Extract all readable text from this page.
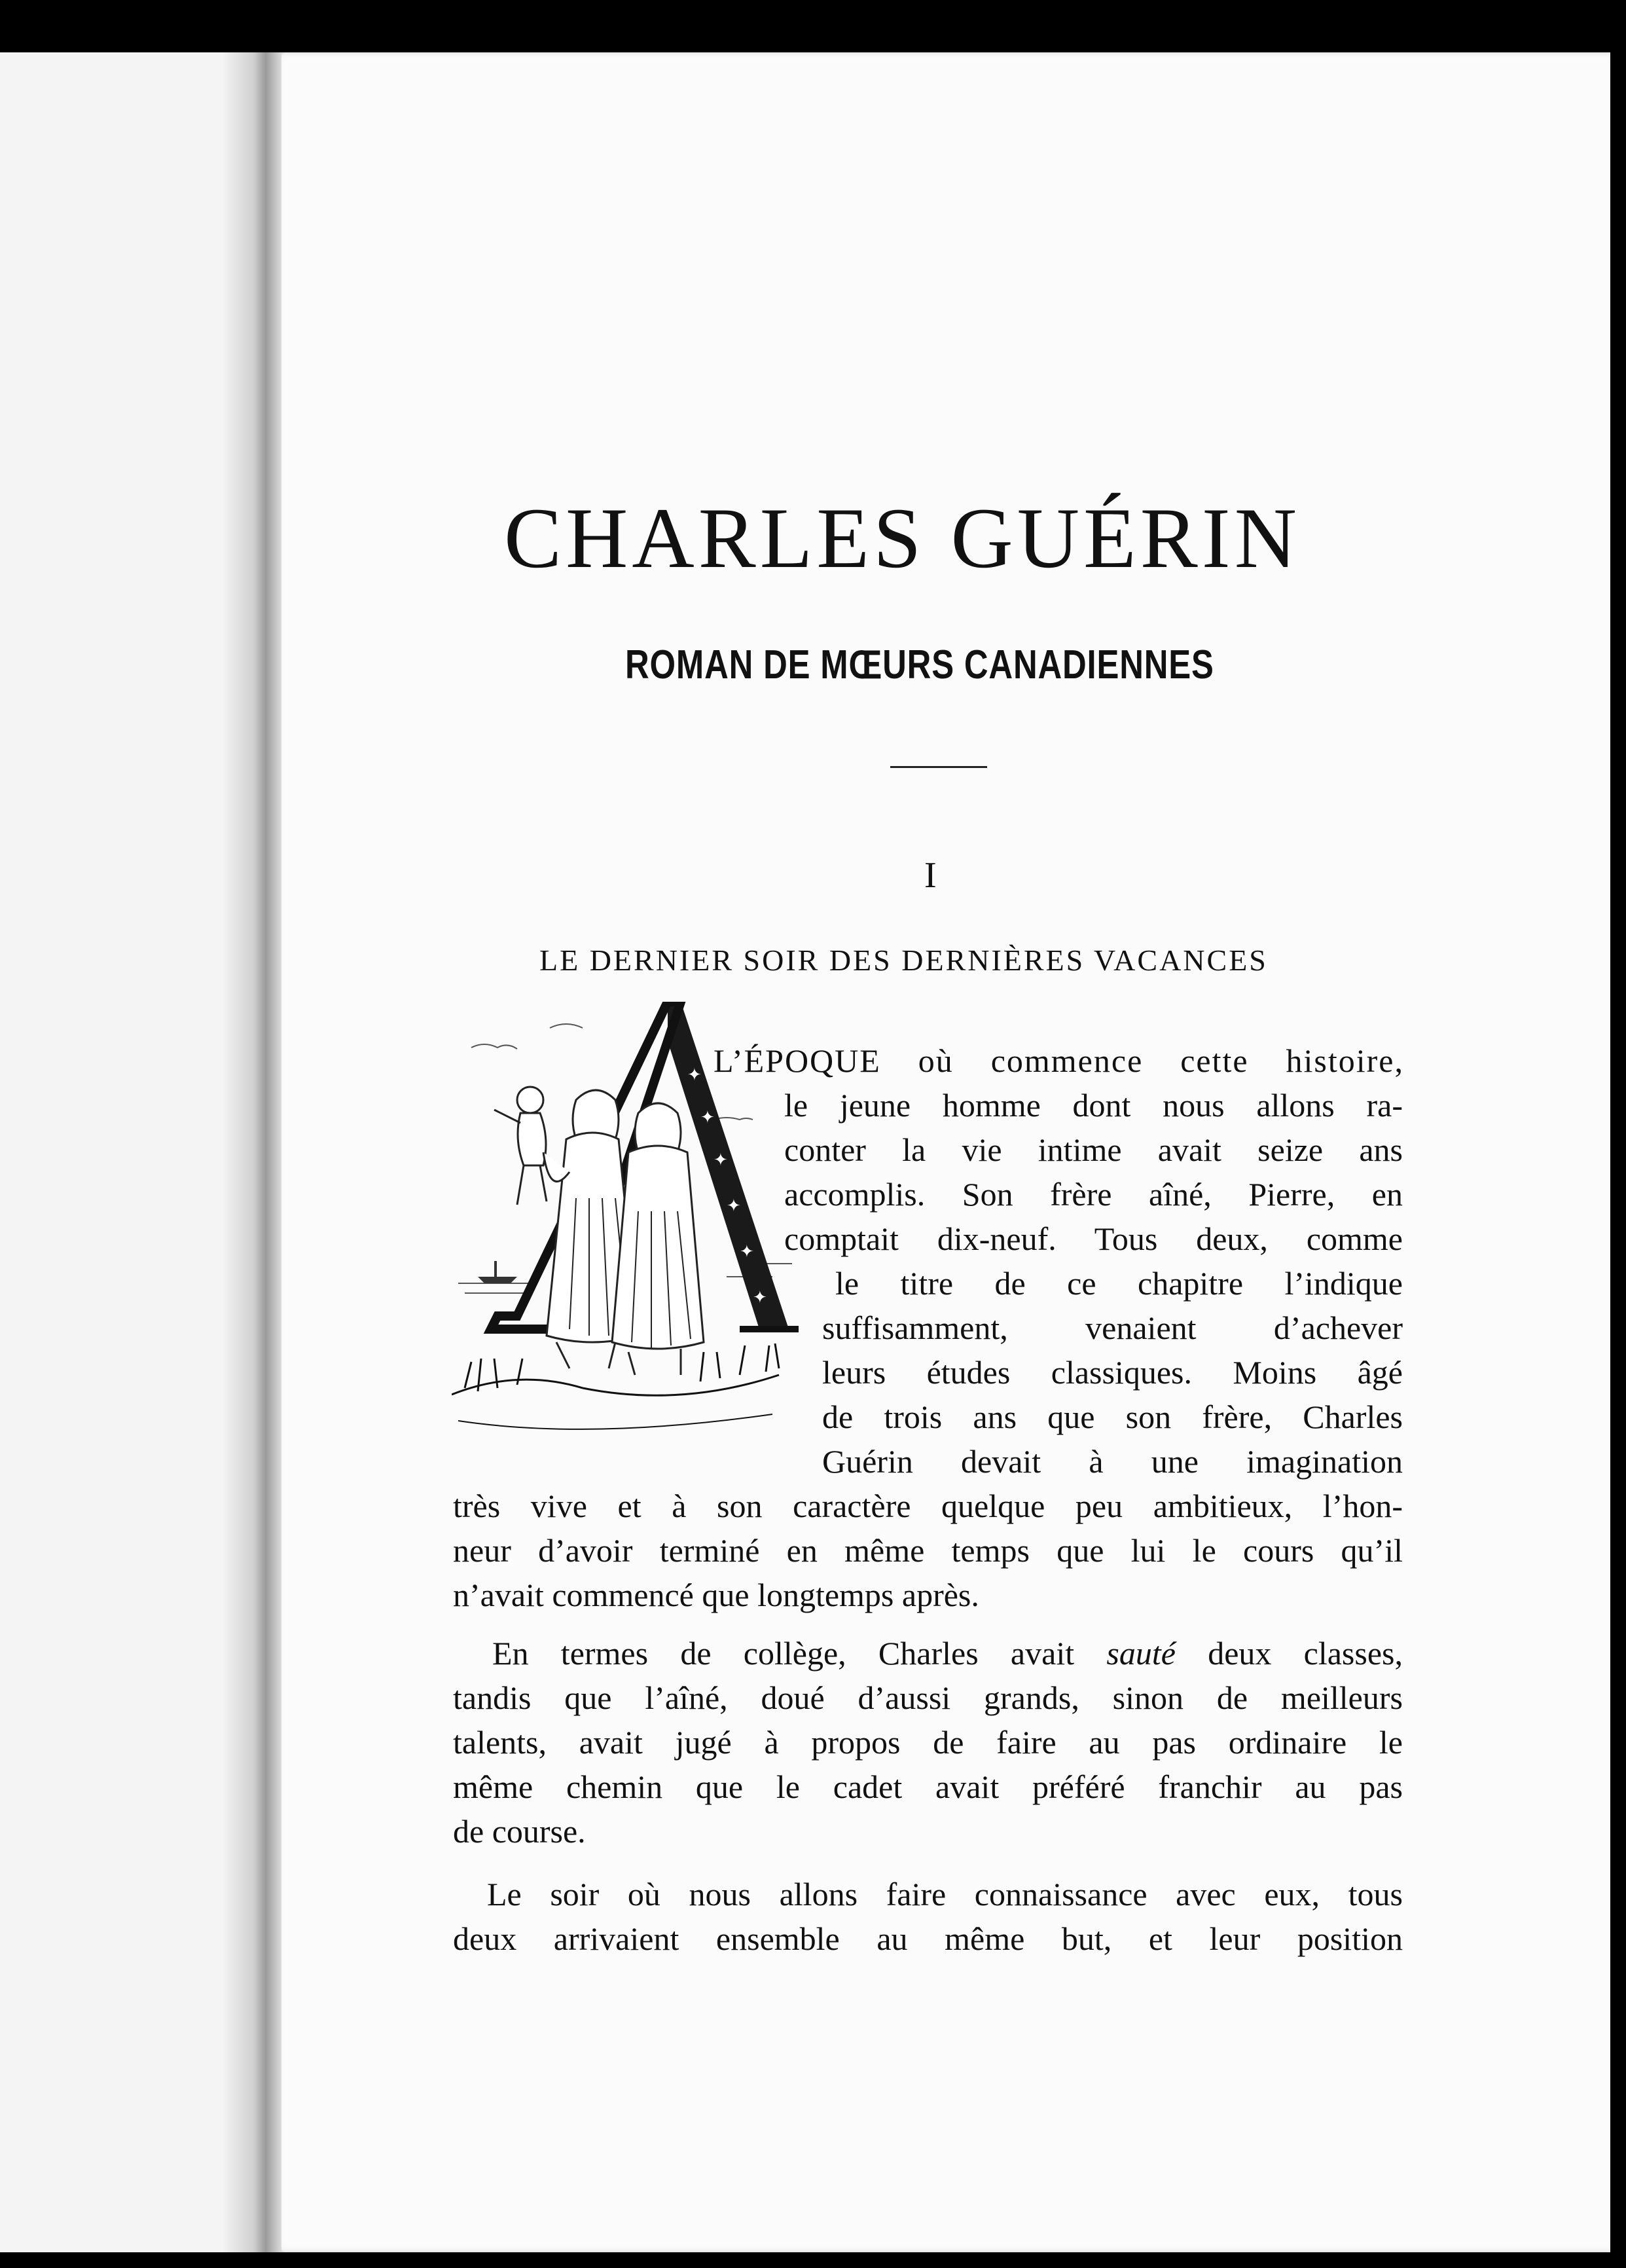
CHARLES GUÉRIN
ROMAN DE MŒURS CANADIENNES
I
LE DERNIER SOIR DES DERNIÈRES VACANCES
✦
✦
✦
✦
✦
✦
L’ÉPOQUE où commence cette histoire,
le jeune homme dont nous allons ra-
conter la vie intime avait seize ans
accomplis. Son frère aîné, Pierre, en
comptait dix-neuf. Tous deux, comme
le titre de ce chapitre l’indique
suffisamment, venaient d’achever
leurs études classiques. Moins âgé
de trois ans que son frère, Charles
Guérin devait à une imagination
très vive et à son caractère quelque peu ambitieux, l’hon-
neur d’avoir terminé en même temps que lui le cours qu’il
n’avait commencé que longtemps après.
En termes de collège, Charles avait sauté deux classes,
tandis que l’aîné, doué d’aussi grands, sinon de meilleurs
talents, avait jugé à propos de faire au pas ordinaire le
même chemin que le cadet avait préféré franchir au pas
de course.
Le soir où nous allons faire connaissance avec eux, tous
deux arrivaient ensemble au même but, et leur position
